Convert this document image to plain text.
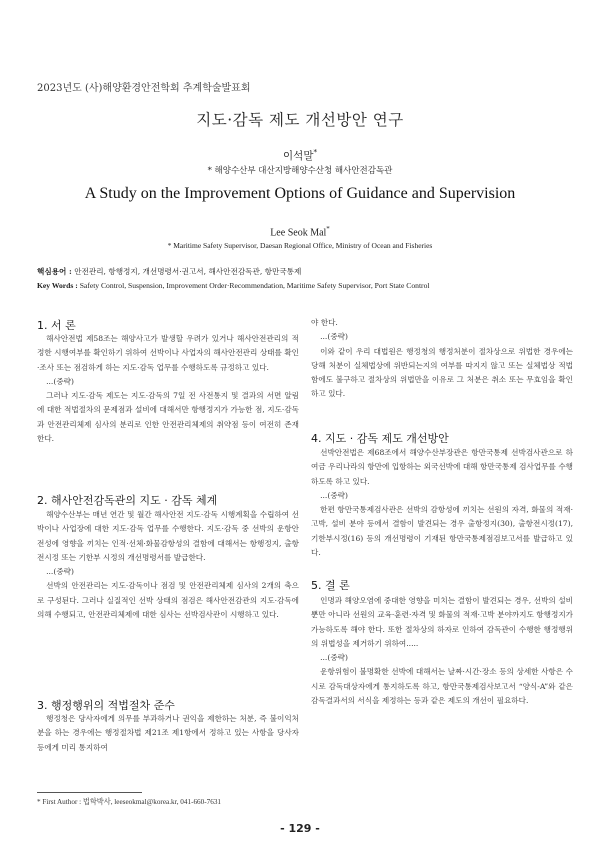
2023년도 (사)해양환경안전학회 추계학술발표회
지도·감독 제도 개선방안 연구
이석말*
* 해양수산부 대산지방해양수산청 해사안전감독관
A Study on the Improvement Options of Guidance and Supervision
Lee Seok Mal*
* Maritime Safety Supervisor, Daesan Regional Office, Ministry of Ocean and Fisheries
핵심용어 : 안전관리, 항행정지, 개선명령서·권고서, 해사안전감독관, 항만국통제
Key Words : Safety Control, Suspension, Improvement Order·Recommendation, Maritime Safety Supervisor, Port State Control
1. 서 론

해사안전법 제58조는 해양사고가 발생할 우려가 있거나 해사안전관리의 적정한 시행여부를 확인하기 위하여 선박이나 사업자의 해사안전관리 상태를 확인·조사 또는 점검하게 하는 지도·감독 업무를 수행하도록 규정하고 있다.

...(중략)

그러나 지도·감독 제도는 지도·감독의 7일 전 사전통지 및 결과의 서면 알림에 대한 적법절차의 문제점과 설비에 대해서만 항행정지가 가능한 점, 지도·감독과 안전관리체제 심사의 분리로 인한 안전관리체제의 취약점 등이 여전히 존재한다.

2. 해사안전감독관의 지도 · 감독 체계

해양수산부는 매년 연간 및 월간 해사안전 지도·감독 시행계획을 수립하여 선박이나 사업장에 대한 지도·감독 업무를 수행한다. 지도·감독 중 선박의 운항안전성에 영향을 끼치는 인적·선체·화물감항성의 결함에 대해서는 항행정지, 출항전시정 또는 기한부 시정의 개선명령서를 발급한다.

...(중략)

선박의 안전관리는 지도·감독이나 점검 및 안전관리체제 심사의 2개의 축으로 구성된다. 그러나 실질적인 선박 상태의 점검은 해사안전감관의 지도·감독에 의해 수행되고, 안전관리체제에 대한 심사는 선박검사관이 시행하고 있다.

3. 행정행위의 적법절차 준수

행정청은 당사자에게 의무를 부과하거나 권익을 제한하는 처분, 즉 불이익처분을 하는 경우에는 행정절차법 제21조 제1항에서 정하고 있는 사항을 당사자등에게 미리 통지하여

야 한다.

...(중략)

이와 같이 우리 대법원은 행정청의 행정처분이 절차상으로 위법한 경우에는 당해 처분이 실체법상에 위반되는지의 여부를 따지지 않고 또는 실체법상 적법함에도 불구하고 절차상의 위법만을 이유로 그 처분은 취소 또는 무효임을 확인하고 있다.

4. 지도 · 감독 제도 개선방안

선박안전법은 제68조에서 해양수산부장관은 항만국통제 선박검사관으로 하여금 우리나라의 항만에 입항하는 외국선박에 대해 항만국통제 검사업무를 수행하도록 하고 있다.

...(중략)

한편 항만국통제검사관은 선박의 감항성에 끼치는 선원의 자격, 화물의 적재·고박, 설비 분야 등에서 결함이 발견되는 경우 출항정지(30), 출항전시정(17), 기한부시정(16) 등의 개선명령이 기재된 항만국통제점검보고서를 발급하고 있다.

5. 결 론

인명과 해양오염에 중대한 영향을 미치는 결함이 발견되는 경우, 선박의 설비뿐만 아니라 선원의 교육·훈련·자격 및 화물의 적재·고박 분야까지도 항행정지가 가능하도록 해야 한다. 또한 절차상의 하자로 인하여 감독관이 수행한 행정행위의 위법성을 제거하기 위하여.....

...(중략)

운항위험이 불명확한 선박에 대해서는 날짜·시간·장소 등의 상세한 사항은 수시로 감독대상자에게 통지하도록 하고, 항만국통제검사보고서 “양식-A”와 같은 감독결과서의 서식을 제정하는 등과 같은 제도의 개선이 필요하다.

* First Author : 법학박사, leeseokmal@korea.kr, 041-660-7631
- 129 -
